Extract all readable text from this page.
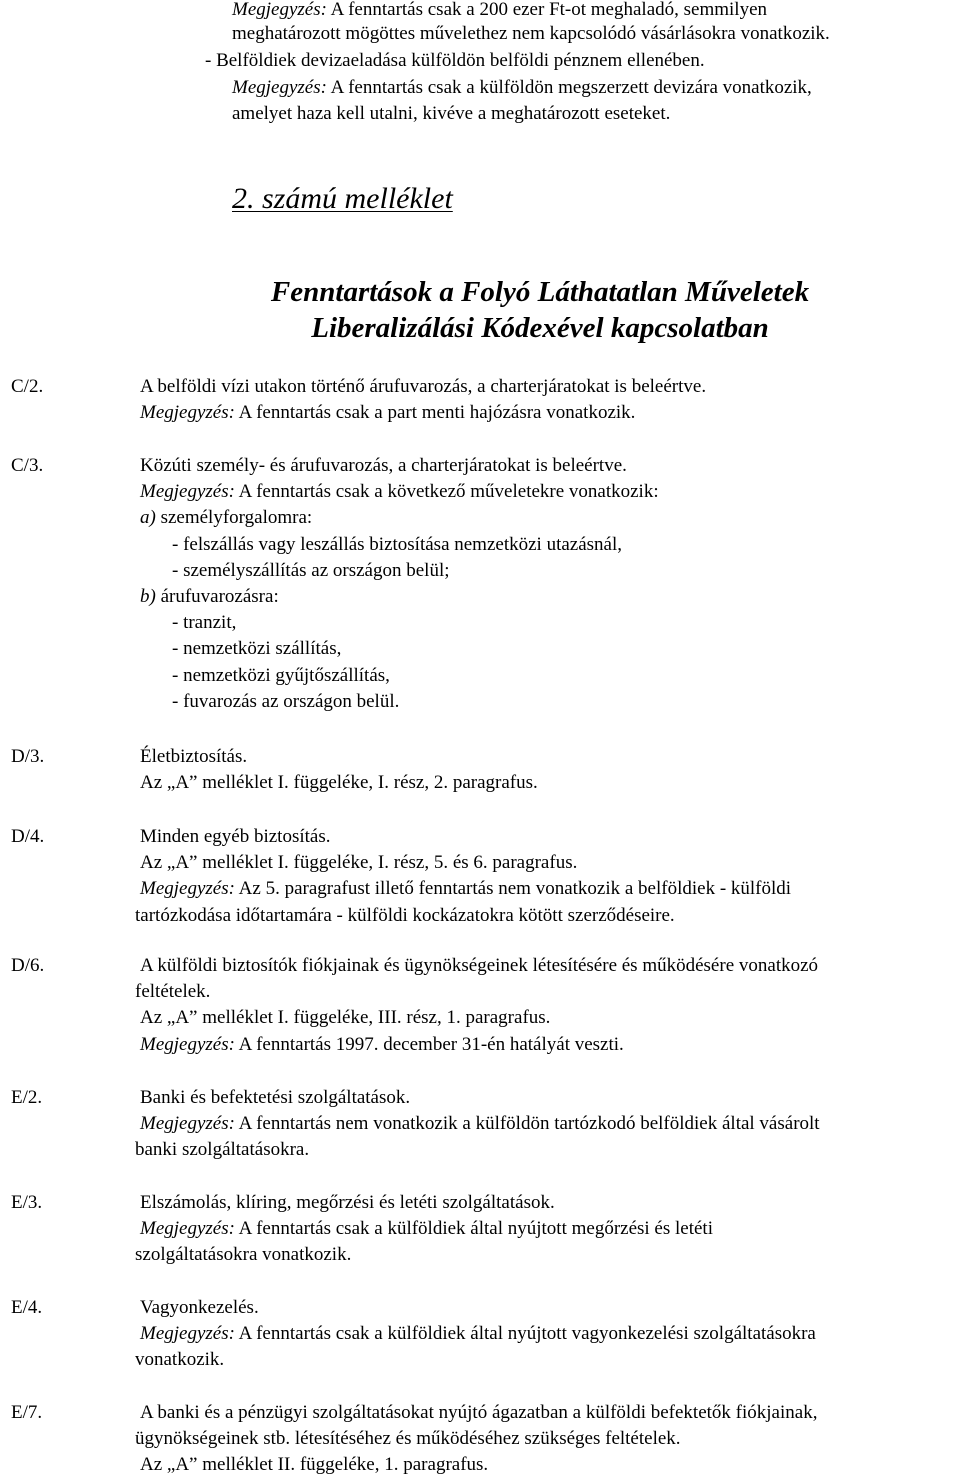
Megjegyzés: A fenntartás csak a 200 ezer Ft-ot meghaladó, semmilyen
meghatározott mögöttes művelethez nem kapcsolódó vásárlásokra vonatkozik.
- Belföldiek devizaeladása külföldön belföldi pénznem ellenében.
Megjegyzés: A fenntartás csak a külföldön megszerzett devizára vonatkozik,
amelyet haza kell utalni, kivéve a meghatározott eseteket.
2. számú melléklet
Fenntartások a Folyó Láthatatlan Műveletek
Liberalizálási Kódexével kapcsolatban
C/2.	A belföldi vízi utakon történő árufuvarozás, a charterjáratokat is beleértve.
Megjegyzés: A fenntartás csak a part menti hajózásra vonatkozik.
C/3.	Közúti személy- és árufuvarozás, a charterjáratokat is beleértve.
Megjegyzés: A fenntartás csak a következő műveletekre vonatkozik:
a) személyforgalomra:
- felszállás vagy leszállás biztosítása nemzetközi utazásnál,
- személyszállítás az országon belül;
b) árufuvarozásra:
- tranzit,
- nemzetközi szállítás,
- nemzetközi gyűjtőszállítás,
- fuvarozás az országon belül.
D/3.	Életbiztosítás.
Az „A” melléklet I. függeléke, I. rész, 2. paragrafus.
D/4.	Minden egyéb biztosítás.
Az „A” melléklet I. függeléke, I. rész, 5. és 6. paragrafus.
Megjegyzés: Az 5. paragrafust illető fenntartás nem vonatkozik a belföldiek - külföldi
tartózkodása időtartamára - külföldi kockázatokra kötött szerződéseire.
D/6.	A külföldi biztosítók fiókjainak és ügynökségeinek létesítésére és működésére vonatkozó
feltételek.
Az „A” melléklet I. függeléke, III. rész, 1. paragrafus.
Megjegyzés: A fenntartás 1997. december 31-én hatályát veszti.
E/2.	Banki és befektetési szolgáltatások.
Megjegyzés: A fenntartás nem vonatkozik a külföldön tartózkodó belföldiek által vásárolt
banki szolgáltatásokra.
E/3.	Elszámolás, klíring, megőrzési és letéti szolgáltatások.
Megjegyzés: A fenntartás csak a külföldiek által nyújtott megőrzési és letéti
szolgáltatásokra vonatkozik.
E/4.	Vagyonkezelés.
Megjegyzés: A fenntartás csak a külföldiek által nyújtott vagyonkezelési szolgáltatásokra
vonatkozik.
E/7.	A banki és a pénzügyi szolgáltatásokat nyújtó ágazatban a külföldi befektetők fiókjainak,
ügynökségeinek stb. létesítéséhez és működéséhez szükséges feltételek.
Az „A” melléklet II. függeléke, 1. paragrafus.
